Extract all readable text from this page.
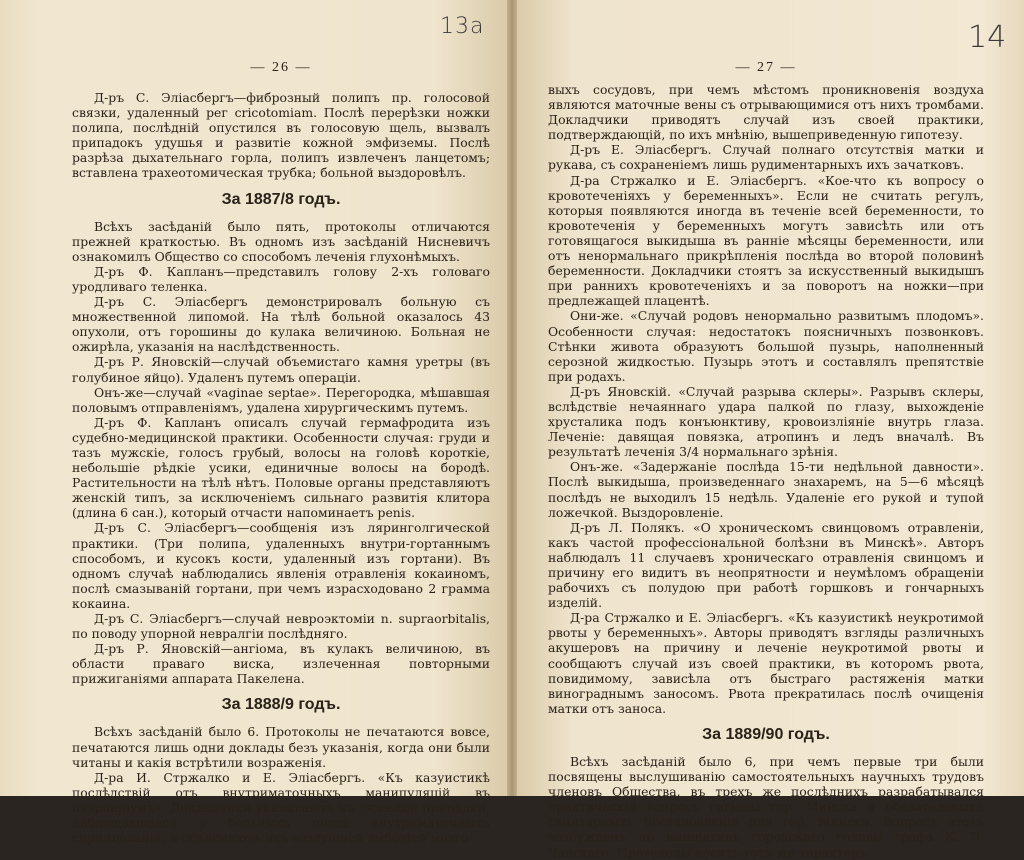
— 26 —

Д-ръ С. Эліасбергъ—фиброзный полипъ пр. голосовой связки, удаленный рег cricotomiam. Послѣ перерѣзки ножки полипа, послѣдній опустился въ голосовую щель, вызвалъ припадокъ удушья и развитіе кожной эмфиземы. Послѣ разрѣза дыхательнаго горла, полипъ извлеченъ ланцетомъ; вставлена трахеотомическая трубка; больной выздоровѣлъ.

За 1887/8 годъ.

Всѣхъ засѣданій было пять, протоколы отличаются прежней краткостью. Въ одномъ изъ засѣданій Нисневичъ ознакомилъ Общество со способомъ леченія глухонѣмыхъ.

Д-ръ Ф. Капланъ—представилъ голову 2-хъ головаго уродливаго теленка.

Д-ръ С. Эліасбергъ демонстрировалъ больную съ множественной липомой. На тѣлѣ больной оказалось 43 опухоли, отъ горошины до кулака величиною. Больная не ожирѣла, указанія на наслѣдственность.

Д-ръ Р. Яновскій—случай объемистаго камня уретры (въ голубиное яйцо). Удаленъ путемъ операціи.

Онъ-же—случай «vaginae septae». Перегородка, мѣшавшая половымъ отправленіямъ, удалена хирургическимъ путемъ.

Д-ръ Ф. Капланъ описалъ случай гермафродита изъ судебно-медицинской практики. Особенности случая: груди и тазъ мужскіе, голосъ грубый, волосы на головѣ короткіе, небольшіе рѣдкіе усики, единичные волосы на бородѣ. Растительности на тѣлѣ нѣтъ. Половые органы представляютъ женскій типъ, за исключеніемъ сильнаго развитія клитора (длина 6 сан.), который отчасти напоминаетъ penis.

Д-ръ С. Эліасбергъ—сообщенія изъ ляринголгической практики. (Три полипа, удаленныхъ внутри-гортаннымъ способомъ, и кусокъ кости, удаленный изъ гортани). Въ одномъ случаѣ наблюдались явленія отравленія кокаиномъ, послѣ смазываній гортани, при чемъ израсходовано 2 грамма кокаина.

Д-ръ С. Эліасбергъ—случай невроэктоміи n. supraorbitalis, по поводу упорной невралгіи послѣдняго.

Д-ръ Р. Яновскій—ангіома, въ кулакъ величиною, въ области праваго виска, излеченная повторными прижиганіями аппарата Пакелена.

За 1888/9 годъ.

Всѣхъ засѣданій было 6. Протоколы не печатаются вовсе, печатаются лишь одни доклады безъ указанія, когда они были читаны и какія встрѣтили возраженія.

Д-ра И. Стржалко и Е. Эліасбергъ. «Къ казуистикѣ послѣдствій отъ внутриматочныхъ манипуляцій въ пуэрперіумѣ». Докладчики указываютъ на тяжелые припадки, наблюдающіеся у больныхъ послѣ внутриматочныхъ спринцованій, и объясняютъ ихъ воздушной эмболіей мозго-

— 27 —

выхъ сосудовъ, при чемъ мѣстомъ проникновенія воздуха являются маточные вены съ отрывающимися отъ нихъ тромбами. Докладчики приводятъ случай изъ своей практики, подтверждающій, по ихъ мнѣнію, вышеприведенную гипотезу.

Д-ръ Е. Эліасбергъ. Случай полнаго отсутствія матки и рукава, съ сохраненіемъ лишь рудиментарныхъ ихъ зачатковъ.

Д-ра Стржалко и Е. Эліасбергъ. «Кое-что къ вопросу о кровотеченіяхъ у беременныхъ». Если не считать регулъ, которыя появляются иногда въ теченіе всей беременности, то кровотеченія у беременныхъ могутъ зависѣть или отъ готовящагося выкидыша въ ранніе мѣсяцы беременности, или отъ ненормальнаго прикрѣпленія послѣда во второй половинѣ беременности. Докладчики стоятъ за искусственный выкидышъ при раннихъ кровотеченіяхъ и за поворотъ на ножки—при предлежащей плацентѣ.

Они-же. «Случай родовъ ненормально развитымъ плодомъ». Особенности случая: недостатокъ поясничныхъ позвонковъ. Стѣнки живота образуютъ большой пузырь, наполненный серозной жидкостью. Пузырь этотъ и составлялъ препятствіе при родахъ.

Д-ръ Яновскій. «Случай разрыва склеры». Разрывъ склеры, вслѣдствіе нечаяннаго удара палкой по глазу, выхожденіе хрусталика подъ конъюнктиву, кровоизліяніе внутрь глаза. Леченіе: давящая повязка, атропинъ и ледъ вначалѣ. Въ результатѣ леченія 3/4 нормальнаго зрѣнія.

Онъ-же. «Задержаніе послѣда 15-ти недѣльной давности». Послѣ выкидыша, произведеннаго знахаремъ, на 5—6 мѣсяцѣ послѣдъ не выходилъ 15 недѣль. Удаленіе его рукой и тупой ложечкой. Выздоровленіе.

Д-ръ Л. Полякъ. «О хроническомъ свинцовомъ отравленіи, какъ частой профессіональной болѣзни въ Минскѣ». Авторъ наблюдалъ 11 случаевъ хроническаго отравленія свинцомъ и причину его видитъ въ неопрятности и неумѣломъ обращеніи рабочихъ съ полудою при работѣ горшковъ и гончарныхъ изделій.

Д-ра Стржалко и Е. Эліасбергъ. «Къ казуистикѣ неукротимой рвоты у беременныхъ». Авторы приводятъ взгляды различныхъ акушеровъ на причину и леченіе неукротимой рвоты и сообщаютъ случай изъ своей практики, въ которомъ рвота, повидимому, зависѣла отъ быстраго растяженія матки винограднымъ заносомъ. Рвота прекратилась послѣ очищенія матки отъ заноса.

За 1889/90 годъ.

Всѣхъ засѣданій было 6, при чемъ первые три были посвящены выслушиванію самостоятельныхъ научныхъ трудовъ членовъ Общества, въ трехъ же послѣднихъ разрабатывался практическій вопросъ гигіены гор. Минска и обязательныхъ санитарныхъ постановленій для гор. Минска. Вопросъ этотъ возбужденъ по иниціативѣ городскаго головы графа К. Э. Чапскаго. Протоколы носятъ тотъ же характеръ.

13а	14
